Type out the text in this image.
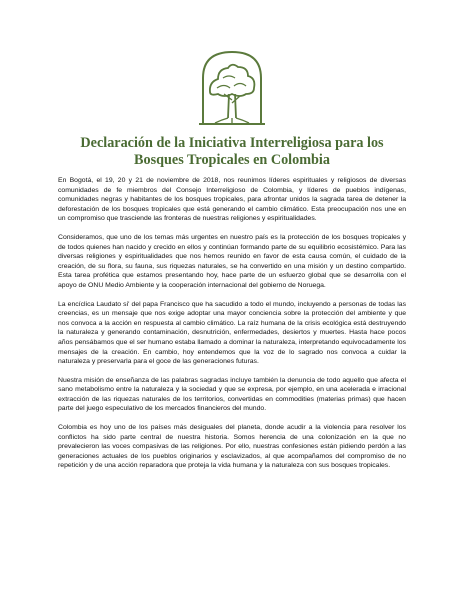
Declaración de la Iniciativa Interreligiosa para los
Bosques Tropicales en Colombia

En Bogotá, el 19, 20 y 21 de noviembre de 2018, nos reunimos líderes espirituales y religiosos de diversas comunidades de fe miembros del Consejo Interreligioso de Colombia, y líderes de pueblos indígenas, comunidades negras y habitantes de los bosques tropicales, para afrontar unidos la sagrada tarea de detener la deforestación de los bosques tropicales que está generando el cambio climático. Esta preocupación nos une en un compromiso que trasciende las fronteras de nuestras religiones y espiritualidades.

Consideramos, que uno de los temas más urgentes en nuestro país es la protección de los bosques tropicales y de todos quienes han nacido y crecido en ellos y continúan formando parte de su equilibrio ecosistémico. Para las diversas religiones y espiritualidades que nos hemos reunido en favor de esta causa común, el cuidado de la creación, de su flora, su fauna, sus riquezas naturales, se ha convertido en una misión y un destino compartido. Esta tarea profética que estamos presentando hoy, hace parte de un esfuerzo global que se desarrolla con el apoyo de ONU Medio Ambiente y la cooperación internacional del gobierno de Noruega.

La encíclica Laudato si' del papa Francisco que ha sacudido a todo el mundo, incluyendo a personas de todas las creencias, es un mensaje que nos exige adoptar una mayor conciencia sobre la protección del ambiente y que nos convoca a la acción en respuesta al cambio climático. La raíz humana de la crisis ecológica está destruyendo la naturaleza y generando contaminación, desnutrición, enfermedades, desiertos y muertes. Hasta hace pocos años pensábamos que el ser humano estaba llamado a dominar la naturaleza, interpretando equivocadamente los mensajes de la creación. En cambio, hoy entendemos que la voz de lo sagrado nos convoca a cuidar la naturaleza y preservarla para el goce de las generaciones futuras.

Nuestra misión de enseñanza de las palabras sagradas incluye también la denuncia de todo aquello que afecta el sano metabolismo entre la naturaleza y la sociedad y que se expresa, por ejemplo, en una acelerada e irracional extracción de las riquezas naturales de los territorios, convertidas en commodities (materias primas) que hacen parte del juego especulativo de los mercados financieros del mundo.

Colombia es hoy uno de los países más desiguales del planeta, donde acudir a la violencia para resolver los conflictos ha sido parte central de nuestra historia. Somos herencia de una colonización en la que no prevalecieron las voces compasivas de las religiones. Por ello, nuestras confesiones están pidiendo perdón a las generaciones actuales de los pueblos originarios y esclavizados, al que acompañamos del compromiso de no repetición y de una acción reparadora que proteja la vida humana y la naturaleza con sus bosques tropicales.
